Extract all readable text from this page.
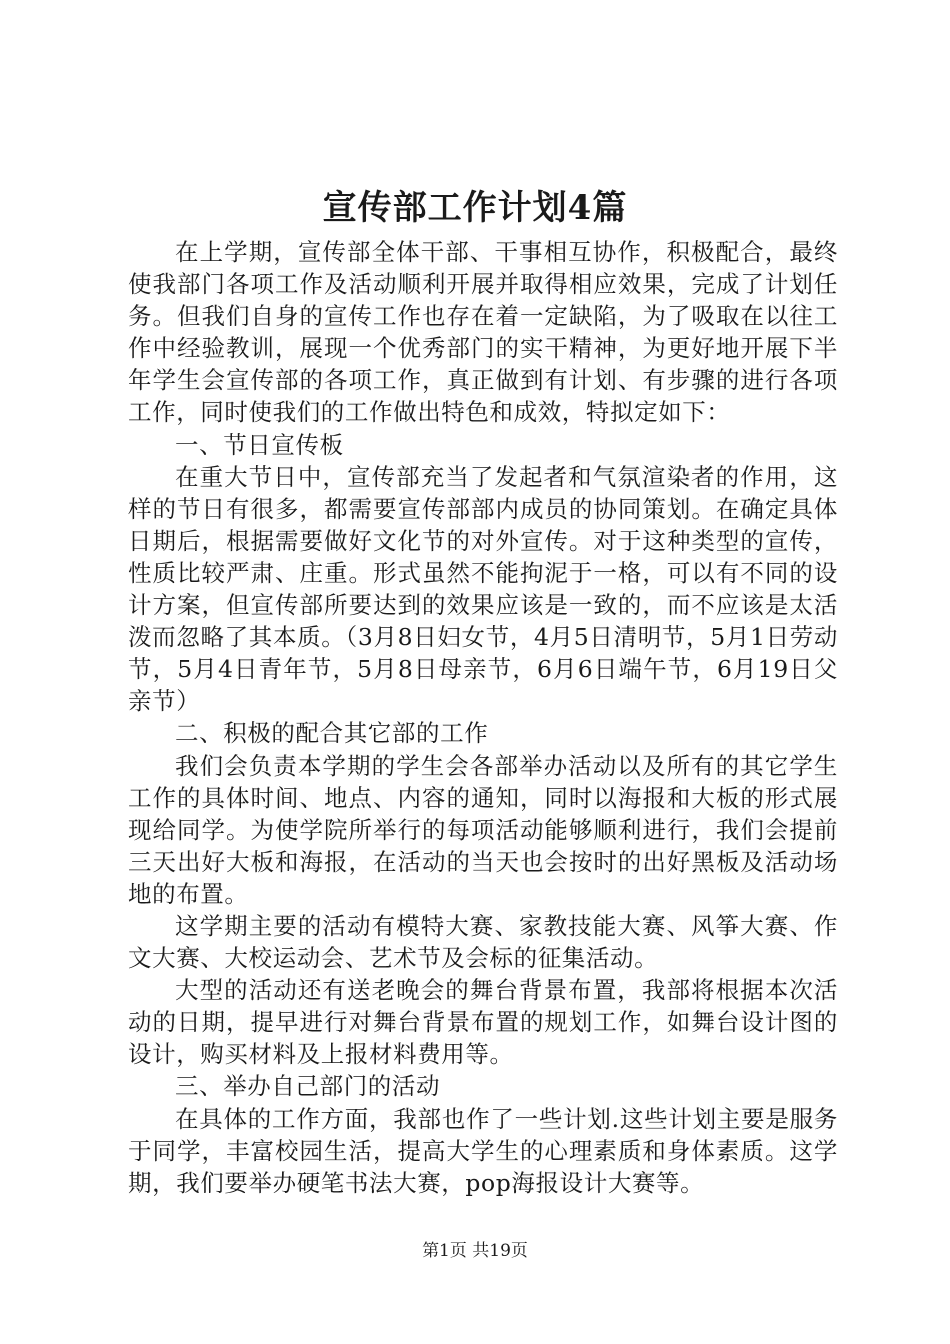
宣传部工作计划4篇

在上学期，宣传部全体干部、干事相互协作，积极配合，最终使我部门各项工作及活动顺利开展并取得相应效果，完成了计划任务。但我们自身的宣传工作也存在着一定缺陷，为了吸取在以往工作中经验教训，展现一个优秀部门的实干精神，为更好地开展下半年学生会宣传部的各项工作，真正做到有计划、有步骤的进行各项工作，同时使我们的工作做出特色和成效，特拟定如下：

一、节日宣传板

在重大节日中，宣传部充当了发起者和气氛渲染者的作用，这样的节日有很多，都需要宣传部部内成员的协同策划。在确定具体日期后，根据需要做好文化节的对外宣传。对于这种类型的宣传，性质比较严肃、庄重。形式虽然不能拘泥于一格，可以有不同的设计方案，但宣传部所要达到的效果应该是一致的，而不应该是太活泼而忽略了其本质。（3月8日妇女节，4月5日清明节，5月1日劳动节，5月4日青年节，5月8日母亲节，6月6日端午节，6月19日父亲节）

二、积极的配合其它部的工作

我们会负责本学期的学生会各部举办活动以及所有的其它学生工作的具体时间、地点、内容的通知，同时以海报和大板的形式展现给同学。为使学院所举行的每项活动能够顺利进行，我们会提前三天出好大板和海报，在活动的当天也会按时的出好黑板及活动场地的布置。

这学期主要的活动有模特大赛、家教技能大赛、风筝大赛、作文大赛、大校运动会、艺术节及会标的征集活动。

大型的活动还有送老晚会的舞台背景布置，我部将根据本次活动的日期，提早进行对舞台背景布置的规划工作，如舞台设计图的设计，购买材料及上报材料费用等。

三、举办自己部门的活动

在具体的工作方面，我部也作了一些计划.这些计划主要是服务于同学，丰富校园生活，提高大学生的心理素质和身体素质。这学期，我们要举办硬笔书法大赛，pop海报设计大赛等。

第1页 共19页
